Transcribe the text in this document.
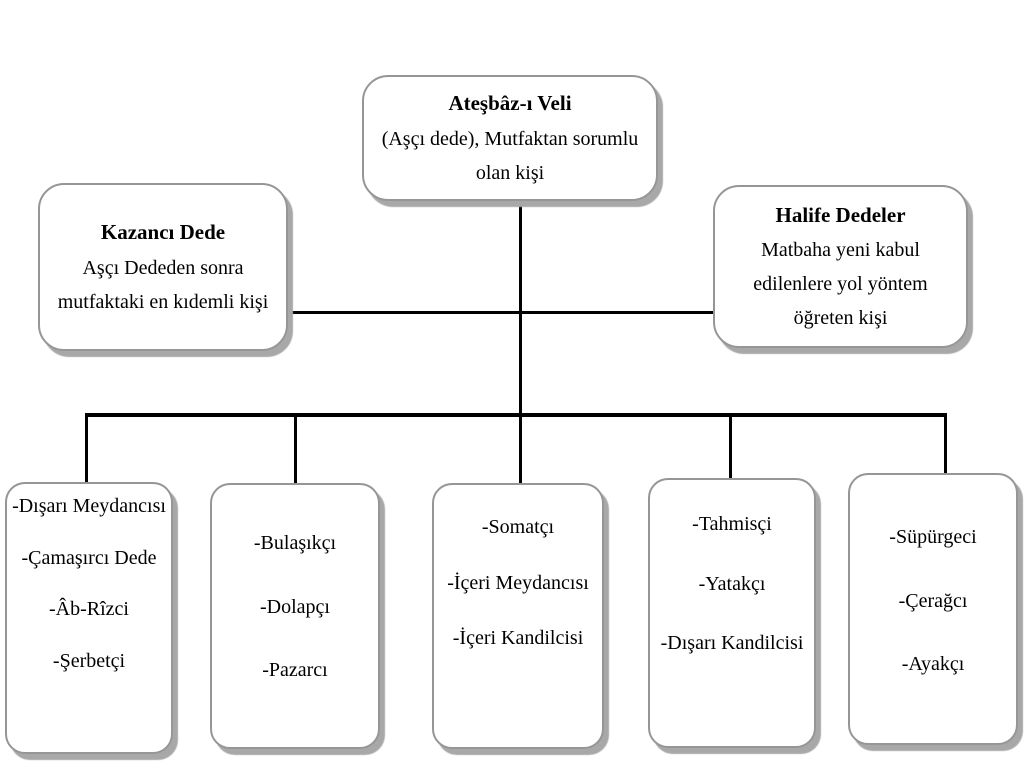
Ateşbâz-ı Veli

(Aşçı dede), Mutfaktan sorumlu olan kişi

Kazancı Dede

Aşçı Dededen sonra mutfaktaki en kıdemli kişi

Halife Dedeler

Matbaha yeni kabul edilenlere yol yöntem öğreten kişi

-Dışarı Meydancısı

-Çamaşırcı Dede

-Âb-Rîzci

-Şerbetçi

-Bulaşıkçı

-Dolapçı

-Pazarcı

-Somatçı

-İçeri Meydancısı

-İçeri Kandilcisi

-Tahmisçi

-Yatakçı

-Dışarı Kandilcisi

-Süpürgeci

-Çerağcı

-Ayakçı
